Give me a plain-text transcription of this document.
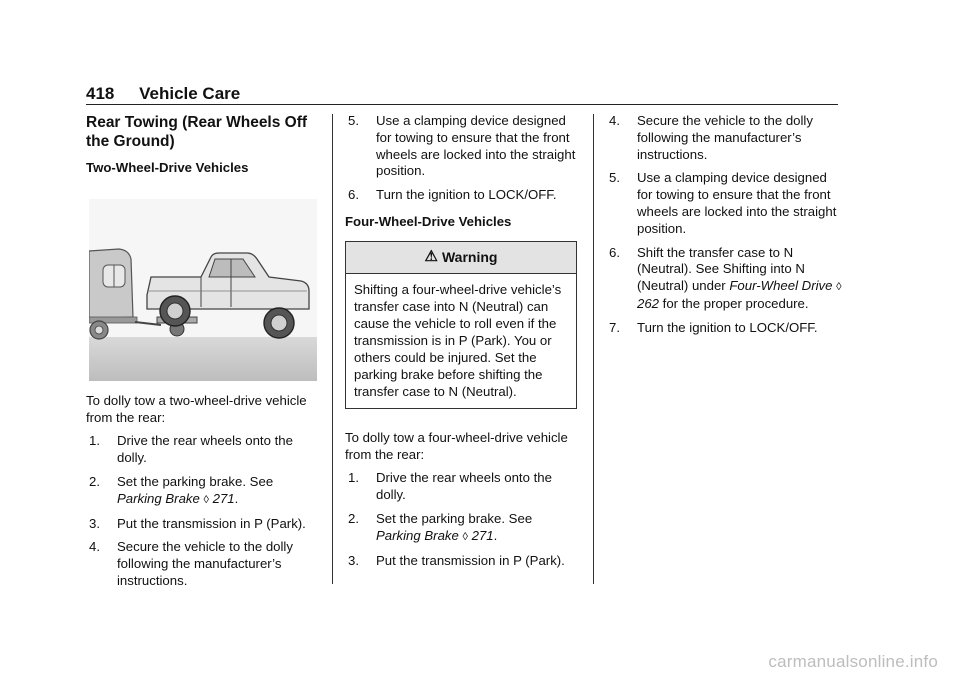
418 Vehicle Care
Rear Towing (Rear Wheels Off the Ground)
Two-Wheel-Drive Vehicles

To dolly tow a two-wheel-drive vehicle from the rear:

1. Drive the rear wheels onto the dolly.
2. Set the parking brake. See
Parking Brake ◊ 271.
3. Put the transmission in P (Park).
4. Secure the vehicle to the dolly following the manufacturer’s instructions.
5. Use a clamping device designed for towing to ensure that the front wheels are locked into the straight position.
6. Turn the ignition to LOCK/OFF.
Four-Wheel-Drive Vehicles
⚠ Warning
Shifting a four-wheel-drive vehicle’s transfer case into N (Neutral) can cause the vehicle to roll even if the transmission is in P (Park). You or others could be injured. Set the parking brake before shifting the transfer case to N (Neutral).

To dolly tow a four-wheel-drive vehicle from the rear:

1. Drive the rear wheels onto the dolly.
2. Set the parking brake. See
Parking Brake ◊ 271.
3. Put the transmission in P (Park).
4. Secure the vehicle to the dolly following the manufacturer’s instructions.
5. Use a clamping device designed for towing to ensure that the front wheels are locked into the straight position.
6. Shift the transfer case to N (Neutral). See Shifting into N (Neutral) under Four-Wheel Drive ◊ 262 for the proper procedure.
7. Turn the ignition to LOCK/OFF.
carmanualsonline.info
